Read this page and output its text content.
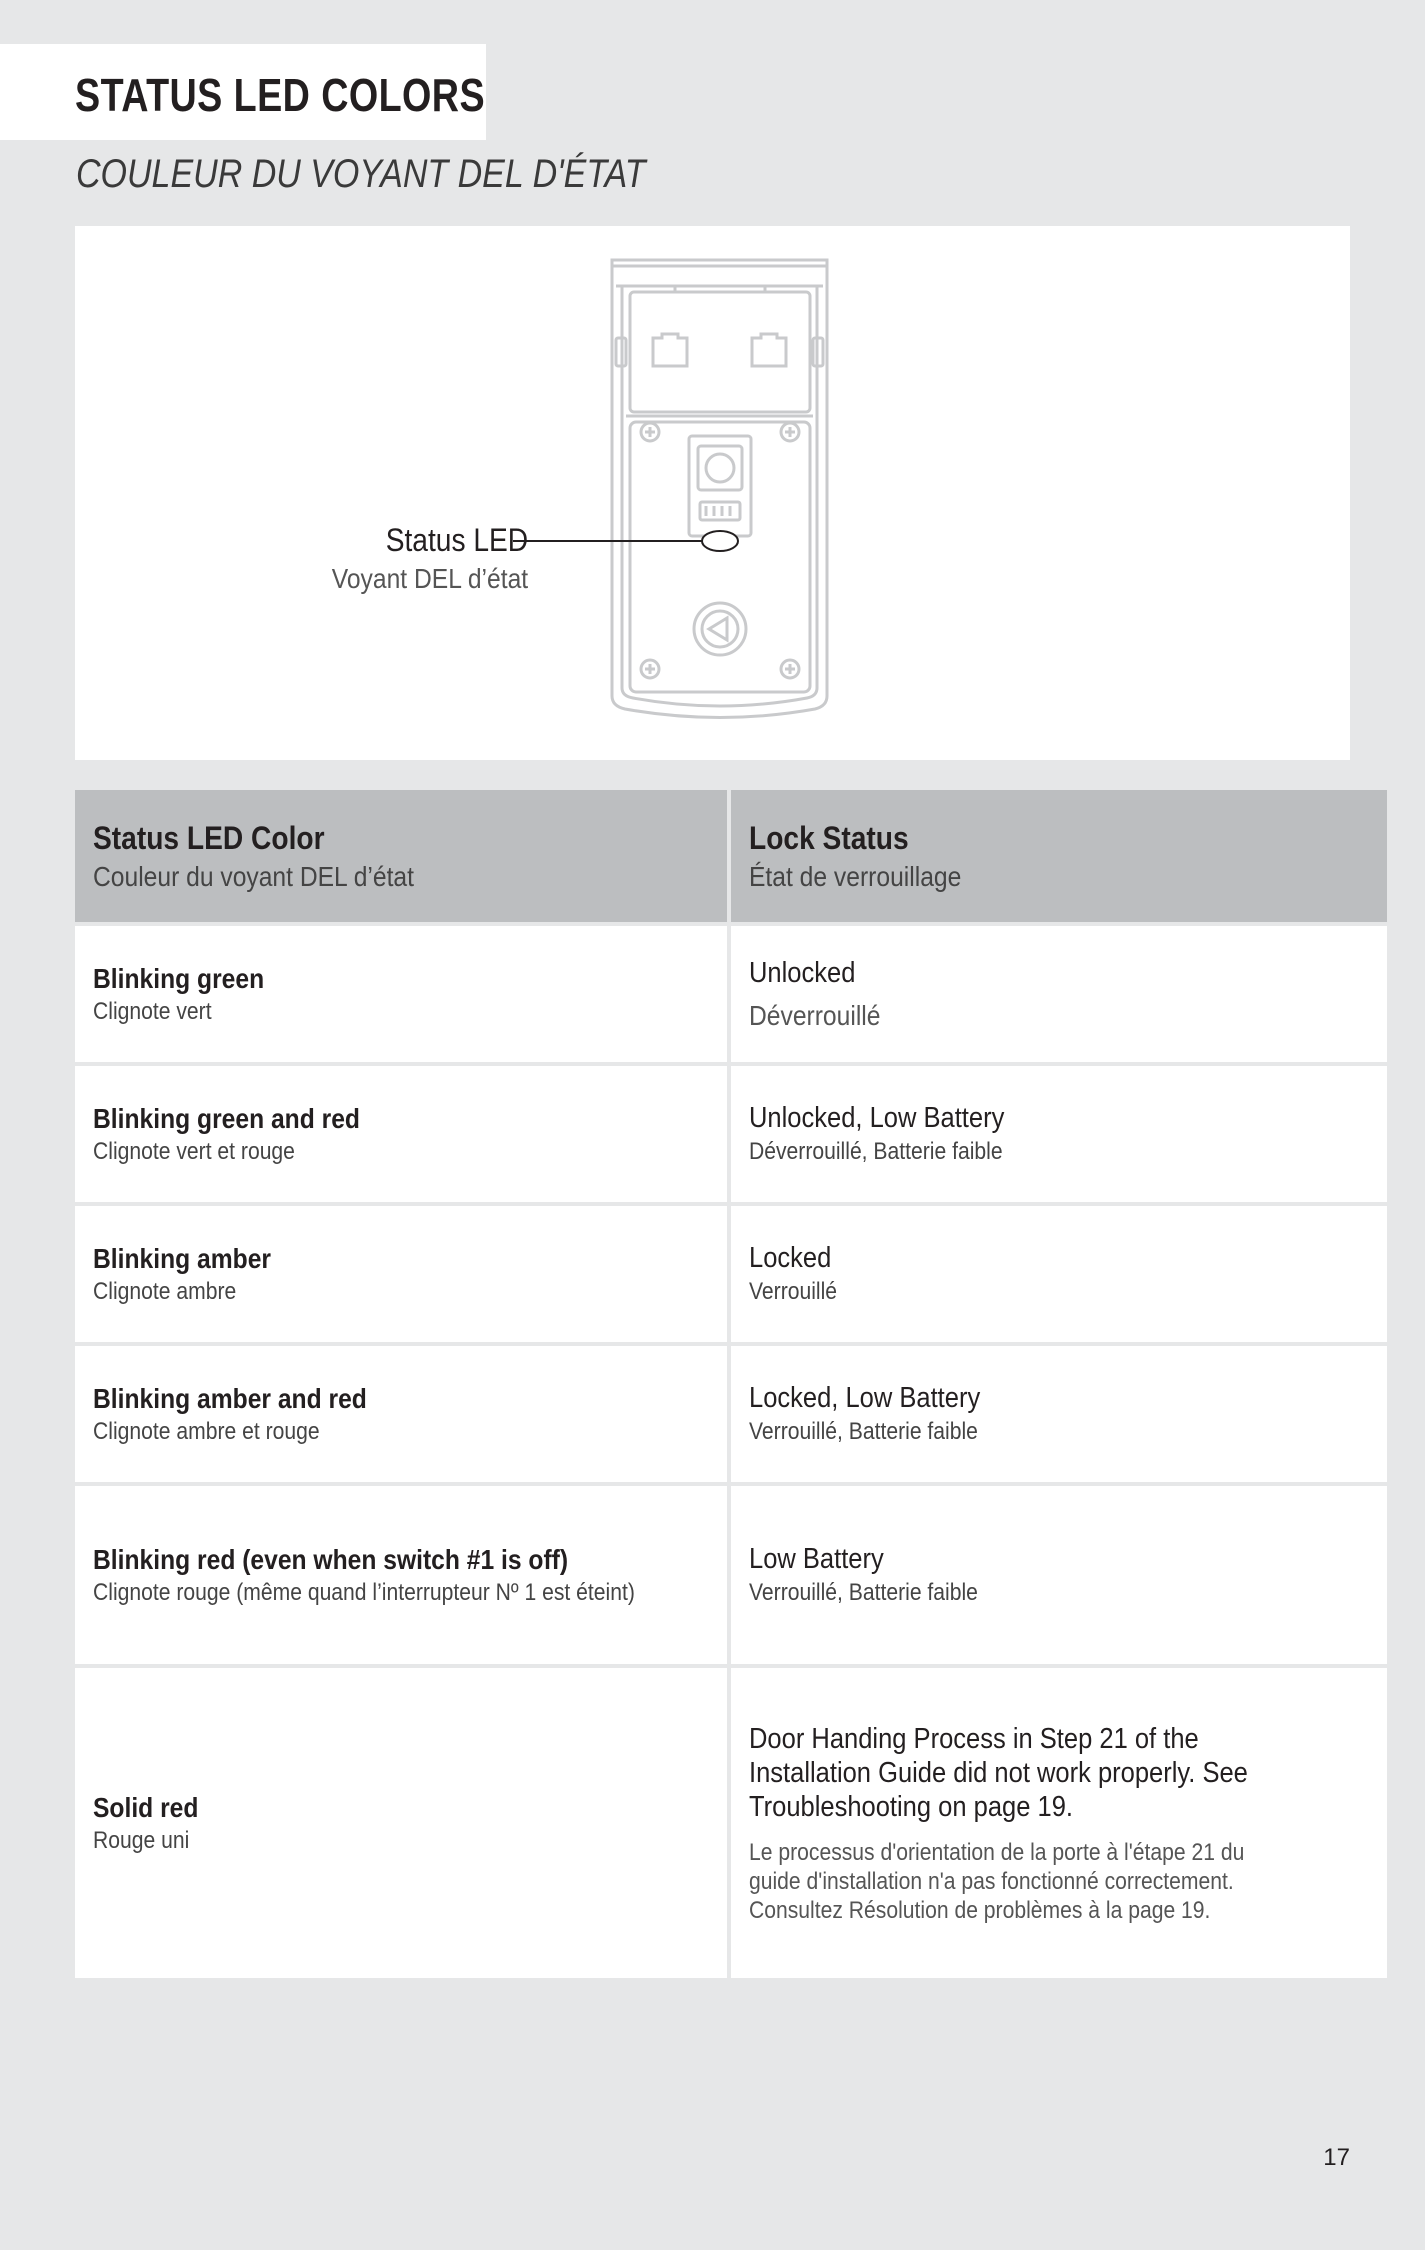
STATUS LED COLORS
COULEUR DU VOYANT DEL D'ÉTAT
Status LED
Voyant DEL d’état
Status LED Color
Couleur du voyant DEL d’état	Lock Status
État de verrouillage

Blinking green
Clignote vert	Unlocked
Déverrouillé

Blinking green and red
Clignote vert et rouge	Unlocked, Low Battery
Déverrouillé, Batterie faible

Blinking amber
Clignote ambre	Locked
Verrouillé

Blinking amber and red
Clignote ambre et rouge	Locked, Low Battery
Verrouillé, Batterie faible

Blinking red (even when switch #1 is off)
Clignote rouge (même quand l’interrupteur Nº 1 est éteint)	Low Battery
Verrouillé, Batterie faible

Solid red
Rouge uni	Door Handing Process in Step 21 of the Installation Guide did not work properly. See Troubleshooting on page 19.
Le processus d'orientation de la porte à l'étape 21 du guide d'installation n'a pas fonctionné correctement. Consultez Résolution de problèmes à la page 19.
17
